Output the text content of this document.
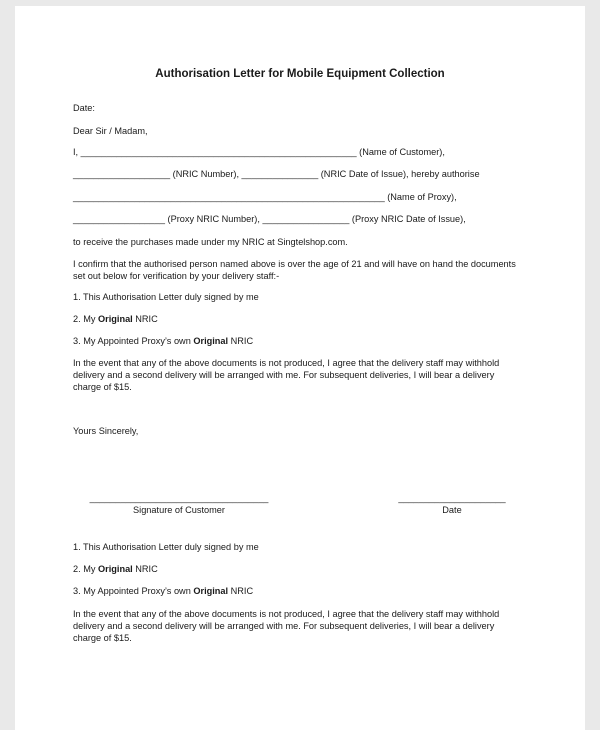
Authorisation Letter for Mobile Equipment Collection
Date:
Dear Sir / Madam,
I, ______________________________________________________ (Name of Customer),
___________________ (NRIC Number), _______________ (NRIC Date of Issue), hereby authorise
_____________________________________________________________ (Name of Proxy),
__________________ (Proxy NRIC Number), _________________ (Proxy NRIC Date of Issue),
to receive the purchases made under my NRIC at Singtelshop.com.
I confirm that the authorised person named above is over the age of 21 and will have on hand the documents set out below for verification by your delivery staff:-
1. This Authorisation Letter duly signed by me
2. My Original NRIC
3. My Appointed Proxy’s own Original NRIC
In the event that any of the above documents is not produced, I agree that the delivery staff may withhold delivery and a second delivery will be arranged with me. For subsequent deliveries, I will bear a delivery charge of $15.
Yours Sincerely,
___________________________________
Signature of Customer
_____________________
Date
1. This Authorisation Letter duly signed by me
2. My Original NRIC
3. My Appointed Proxy’s own Original NRIC
In the event that any of the above documents is not produced, I agree that the delivery staff may withhold delivery and a second delivery will be arranged with me. For subsequent deliveries, I will bear a delivery charge of $15.
